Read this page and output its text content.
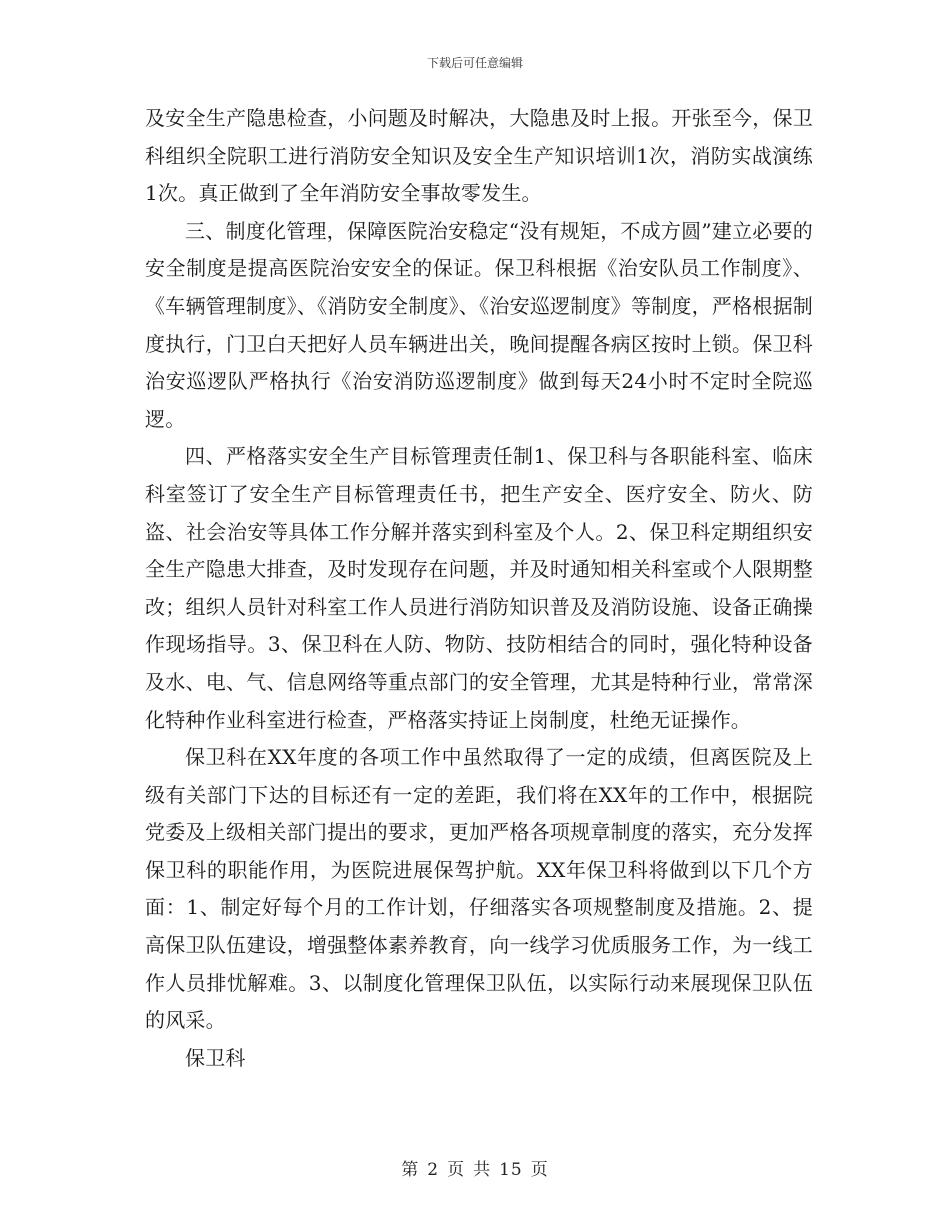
下载后可任意编辑

及安全生产隐患检查，小问题及时解决，大隐患及时上报。开张至今，保卫科组织全院职工进行消防安全知识及安全生产知识培训1次，消防实战演练1次。真正做到了全年消防安全事故零发生。

三、制度化管理，保障医院治安稳定“没有规矩，不成方圆”建立必要的安全制度是提高医院治安安全的保证。保卫科根据《治安队员工作制度》、《车辆管理制度》、《消防安全制度》、《治安巡逻制度》等制度，严格根据制度执行，门卫白天把好人员车辆进出关，晚间提醒各病区按时上锁。保卫科治安巡逻队严格执行《治安消防巡逻制度》做到每天24小时不定时全院巡逻。

四、严格落实安全生产目标管理责任制1、保卫科与各职能科室、临床科室签订了安全生产目标管理责任书，把生产安全、医疗安全、防火、防盗、社会治安等具体工作分解并落实到科室及个人。2、保卫科定期组织安全生产隐患大排查，及时发现存在问题，并及时通知相关科室或个人限期整改；组织人员针对科室工作人员进行消防知识普及及消防设施、设备正确操作现场指导。3、保卫科在人防、物防、技防相结合的同时，强化特种设备及水、电、气、信息网络等重点部门的安全管理，尤其是特种行业，常常深化特种作业科室进行检查，严格落实持证上岗制度，杜绝无证操作。

保卫科在XX年度的各项工作中虽然取得了一定的成绩，但离医院及上级有关部门下达的目标还有一定的差距，我们将在XX年的工作中，根据院党委及上级相关部门提出的要求，更加严格各项规章制度的落实，充分发挥保卫科的职能作用，为医院进展保驾护航。XX年保卫科将做到以下几个方面：1、制定好每个月的工作计划，仔细落实各项规整制度及措施。2、提高保卫队伍建设，增强整体素养教育，向一线学习优质服务工作，为一线工作人员排忧解难。3、以制度化管理保卫队伍，以实际行动来展现保卫队伍的风采。

保卫科

第 2 页 共 15 页
